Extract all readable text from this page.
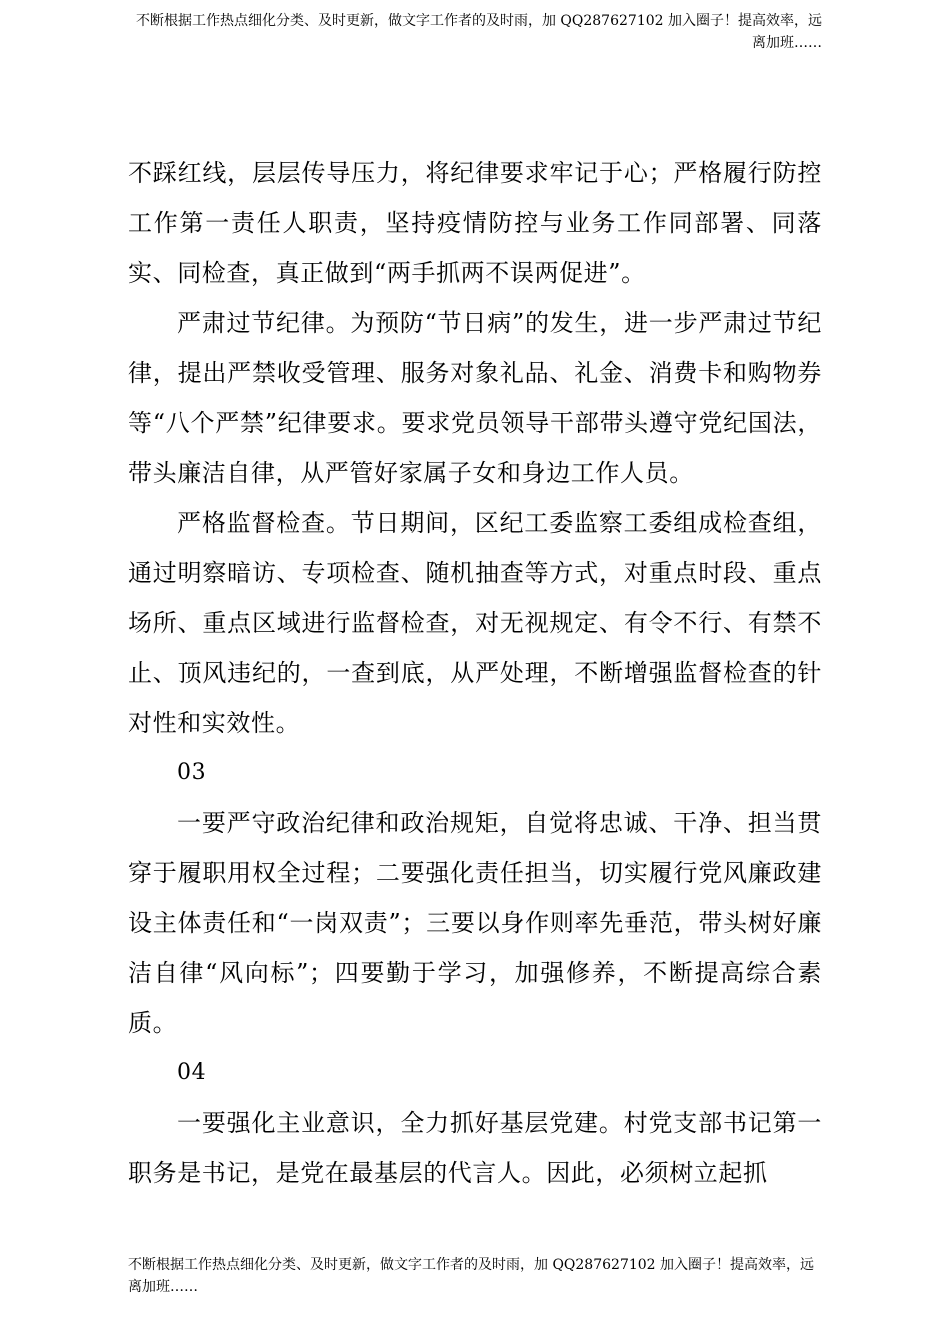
不断根据工作热点细化分类、及时更新，做文字工作者的及时雨，加 QQ287627102 加入圈子！提高效率，远离加班……

不踩红线，层层传导压力，将纪律要求牢记于心；严格履行防控工作第一责任人职责，坚持疫情防控与业务工作同部署、同落实、同检查，真正做到“两手抓两不误两促进”。

严肃过节纪律。为预防“节日病”的发生，进一步严肃过节纪律，提出严禁收受管理、服务对象礼品、礼金、消费卡和购物券等“八个严禁”纪律要求。要求党员领导干部带头遵守党纪国法，带头廉洁自律，从严管好家属子女和身边工作人员。

严格监督检查。节日期间，区纪工委监察工委组成检查组，通过明察暗访、专项检查、随机抽查等方式，对重点时段、重点场所、重点区域进行监督检查，对无视规定、有令不行、有禁不止、顶风违纪的，一查到底，从严处理，不断增强监督检查的针对性和实效性。

03

一要严守政治纪律和政治规矩，自觉将忠诚、干净、担当贯穿于履职用权全过程；二要强化责任担当，切实履行党风廉政建设主体责任和“一岗双责”；三要以身作则率先垂范，带头树好廉洁自律“风向标”；四要勤于学习，加强修养，不断提高综合素质。

04

一要强化主业意识，全力抓好基层党建。村党支部书记第一职务是书记，是党在最基层的代言人。因此，必须树立起抓

不断根据工作热点细化分类、及时更新，做文字工作者的及时雨，加 QQ287627102 加入圈子！提高效率，远离加班……
